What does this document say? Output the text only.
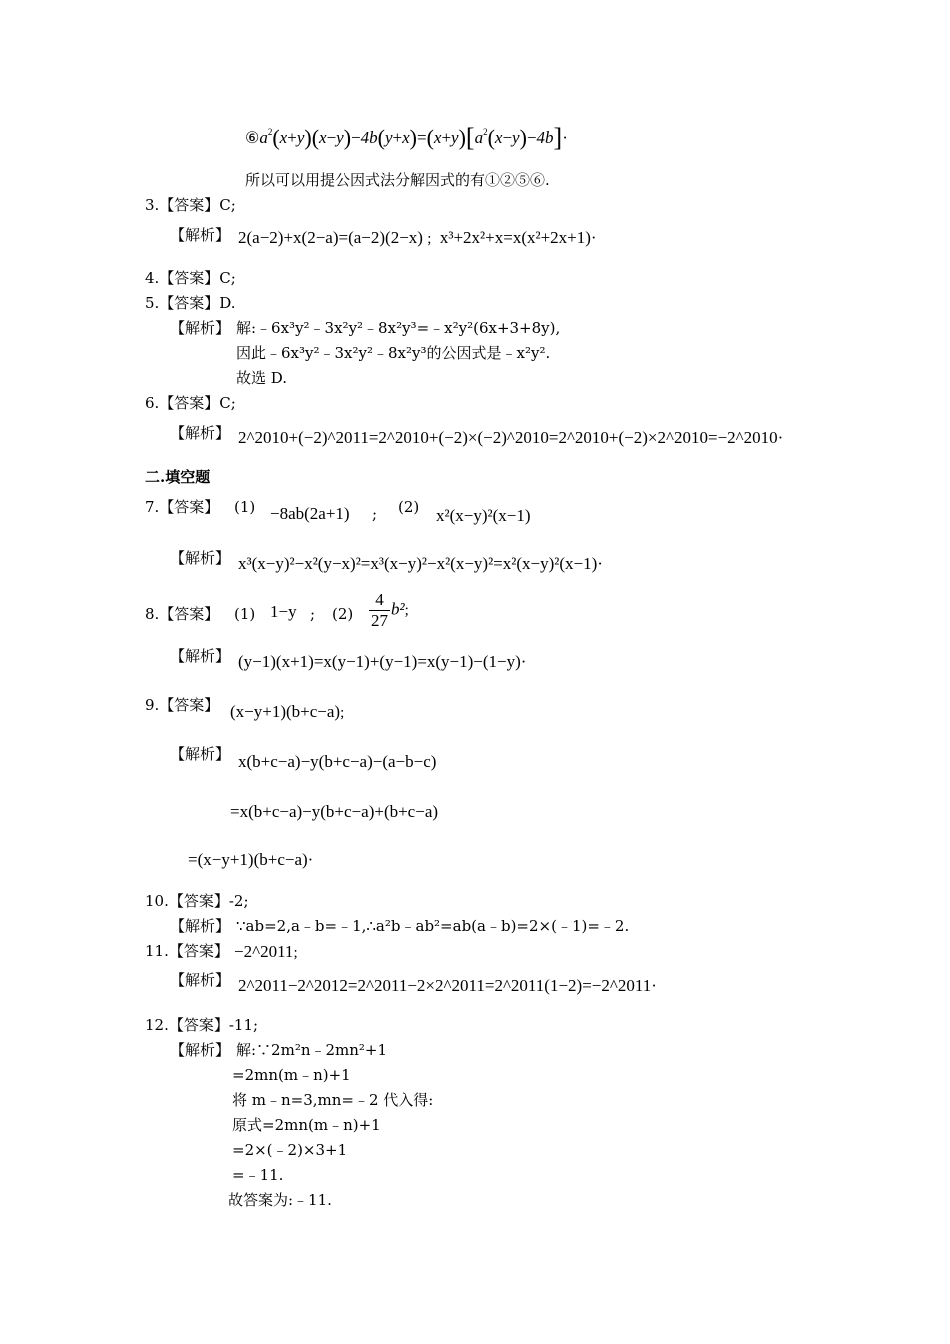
$⑥a^2(x+y)(x-y)-4b(y+x)=(x+y)[a^2(x-y)-4b]\cdot$
所以可以用提公因式法分解因式的有①②⑤⑥.
3.【答案】C;
【解析】 2(a−2)+x(2−a)=(a−2)(2−x) ; x³+2x²+x=x(x²+2x+1)·
4.【答案】C;
5.【答案】D.
【解析】 解:﹣6x³y²﹣3x²y²﹣8x²y³=﹣x²y²(6x+3+8y),
因此﹣6x³y²﹣3x²y²﹣8x²y³的公因式是﹣x²y².
故选 D.
6.【答案】C;
【解析】 2^2010+(−2)^2011=2^2010+(−2)×(−2)^2010=2^2010+(−2)×2^2010=−2^2010·
二.填空题
7.【答案】 (1) −8ab(2a+1) ; (2) x²(x−y)²(x−1)
【解析】 x³(x−y)²−x²(y−x)²=x³(x−y)²−x²(x−y)²=x²(x−y)²(x−1)·
8.【答案】 (1) 1−y ; $(2) \frac{4}{27} b^2$;
【解析】 (y−1)(x+1)=x(y−1)+(y−1)=x(y−1)−(1−y)·
9.【答案】 (x−y+1)(b+c−a);
【解析】 x(b+c−a)−y(b+c−a)−(a−b−c)
=x(b+c−a)−y(b+c−a)+(b+c−a)
=(x−y+1)(b+c−a)·
10.【答案】-2;
【解析】 ∵ab=2,a﹣b=﹣1,∴a²b﹣ab²=ab(a﹣b)=2×(﹣1)=﹣2.
11.【答案】 −2^2011;
【解析】 2^2011−2^2012=2^2011−2×2^2011=2^2011(1−2)=−2^2011·
12.【答案】-11;
【解析】 解:∵2m²n﹣2mn²+1
=2mn(m﹣n)+1
将 m﹣n=3,mn=﹣2 代入得:
原式=2mn(m﹣n)+1
=2×(﹣2)×3+1
=﹣11.
故答案为:﹣11.
